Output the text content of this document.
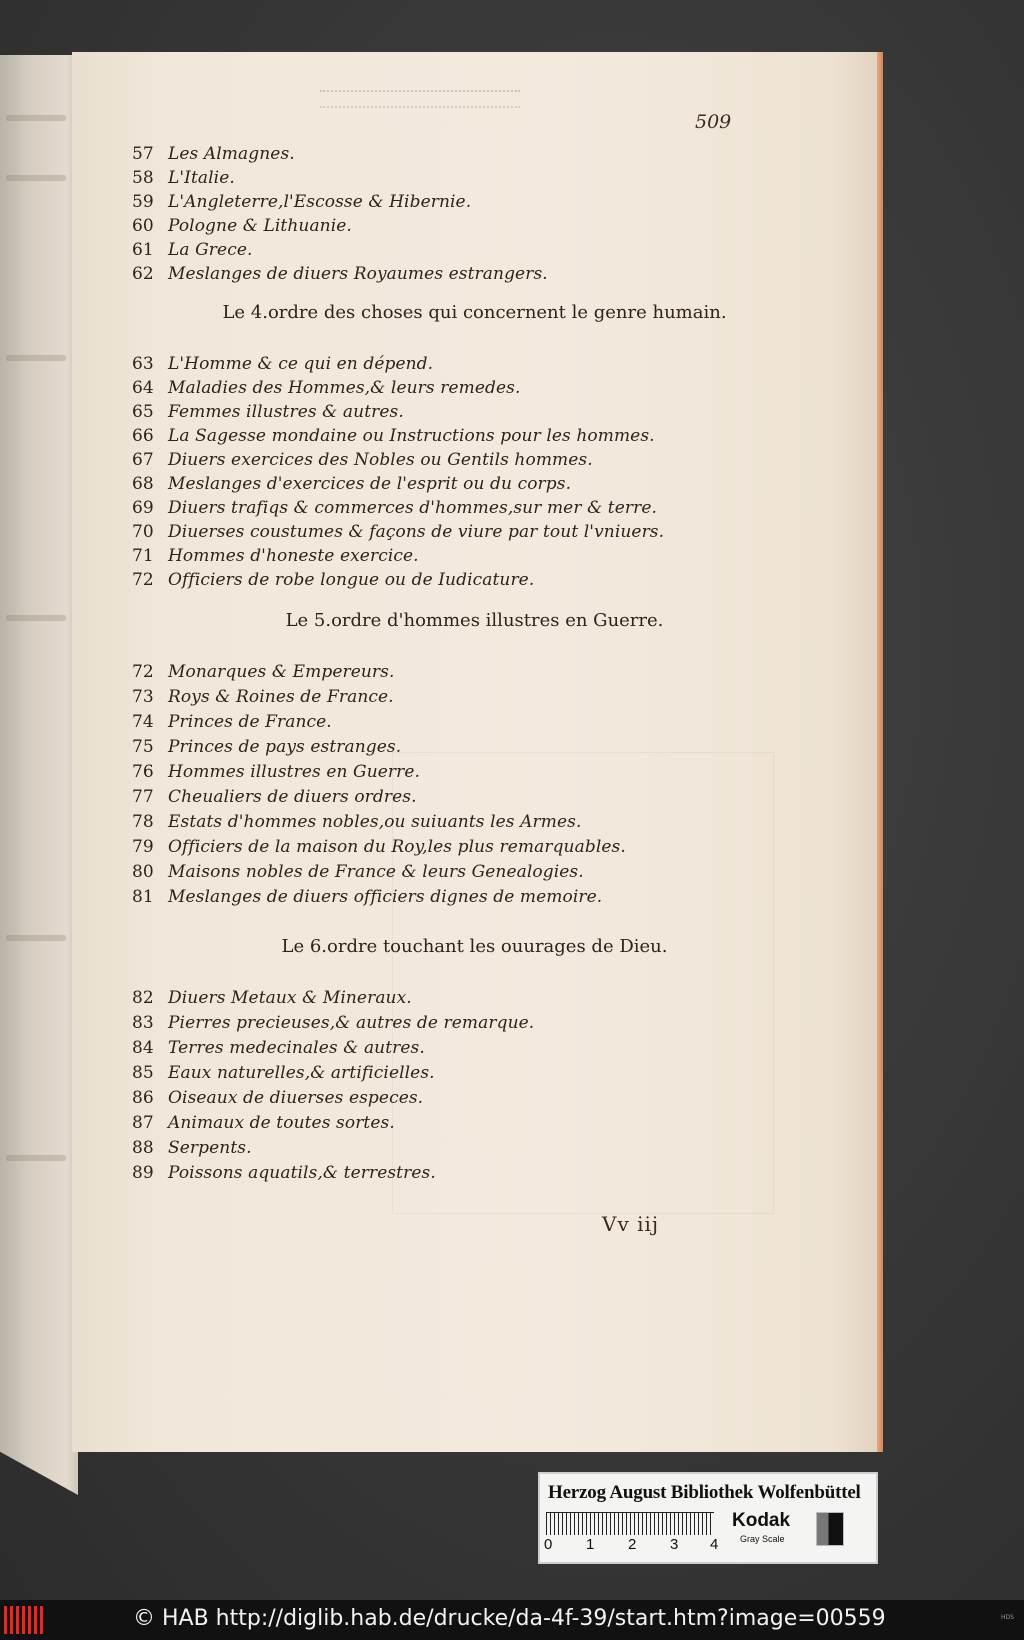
509
57 Les Almagnes.
58 L'Italie.
59 L'Angleterre,l'Escosse & Hibernie.
60 Pologne & Lithuanie.
61 La Grece.
62 Meslanges de diuers Royaumes estrangers.
Le 4.ordre des choses qui concernent le genre humain.
63 L'Homme & ce qui en dépend.
64 Maladies des Hommes,& leurs remedes.
65 Femmes illustres & autres.
66 La Sagesse mondaine ou Instructions pour les hommes.
67 Diuers exercices des Nobles ou Gentils hommes.
68 Meslanges d'exercices de l'esprit ou du corps.
69 Diuers trafiqs & commerces d'hommes,sur mer & terre.
70 Diuerses coustumes & façons de viure par tout l'vniuers.
71 Hommes d'honeste exercice.
72 Officiers de robe longue ou de Iudicature.
Le 5.ordre d'hommes illustres en Guerre.
72 Monarques & Empereurs.
73 Roys & Roines de France.
74 Princes de France.
75 Princes de pays estranges.
76 Hommes illustres en Guerre.
77 Cheualiers de diuers ordres.
78 Estats d'hommes nobles,ou suiuants les Armes.
79 Officiers de la maison du Roy,les plus remarquables.
80 Maisons nobles de France & leurs Genealogies.
81 Meslanges de diuers officiers dignes de memoire.
Le 6.ordre touchant les ouurages de Dieu.
82 Diuers Metaux & Mineraux.
83 Pierres precieuses,& autres de remarque.
84 Terres medecinales & autres.
85 Eaux naturelles,& artificielles.
86 Oiseaux de diuerses especes.
87 Animaux de toutes sortes.
88 Serpents.
89 Poissons aquatils,& terrestres.
Vv iij
Herzog August Bibliothek Wolfenbüttel
0 1 2 3 4
Kodak
Gray Scale
© HAB http://diglib.hab.de/drucke/da-4f-39/start.htm?image=00559	HDS
